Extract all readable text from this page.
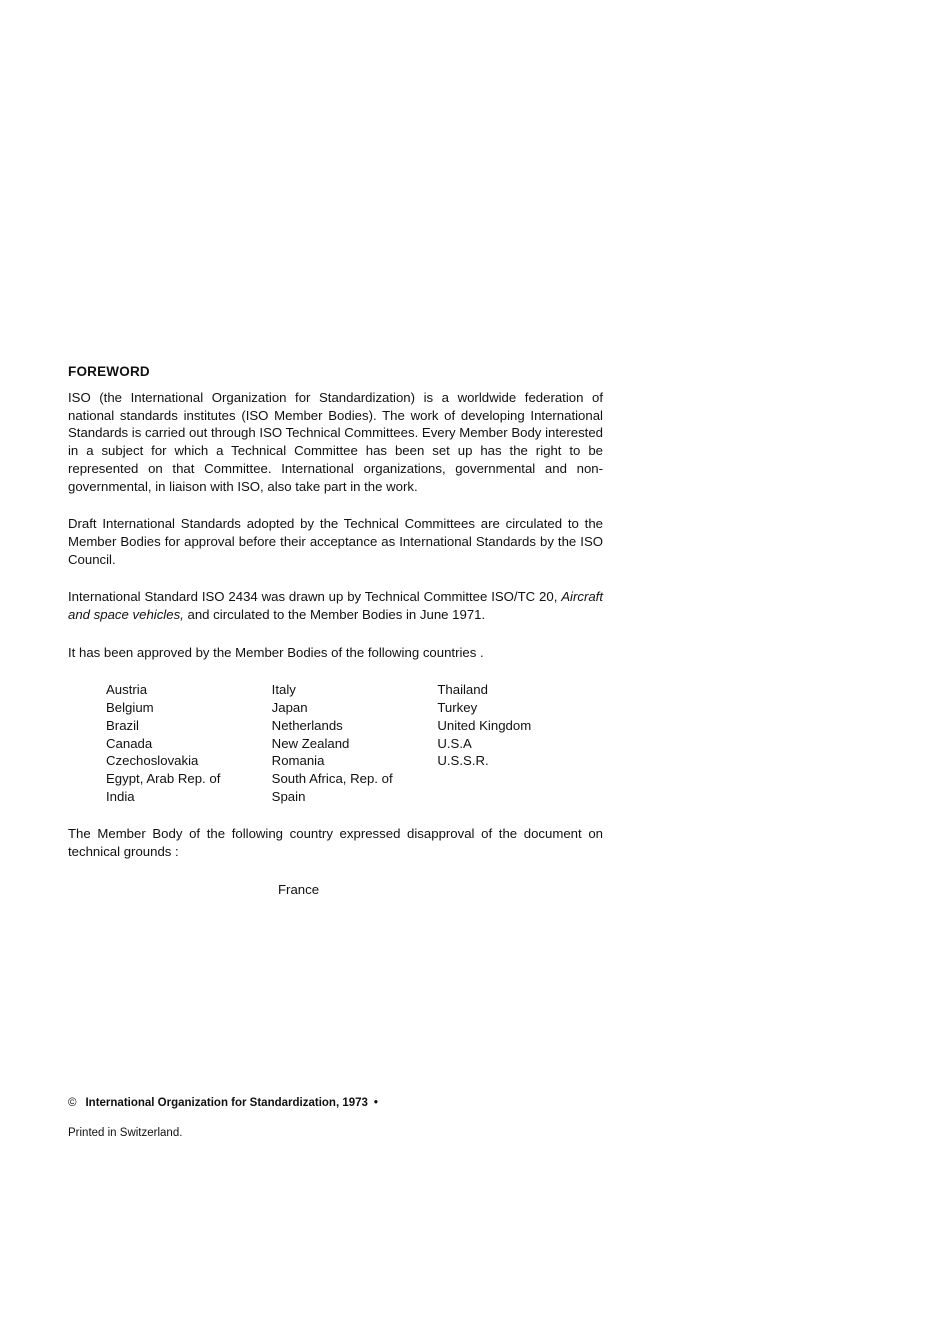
FOREWORD

ISO (the International Organization for Standardization) is a worldwide federation of national standards institutes (ISO Member Bodies). The work of developing International Standards is carried out through ISO Technical Committees. Every Member Body interested in a subject for which a Technical Committee has been set up has the right to be represented on that Committee. International organizations, governmental and non-governmental, in liaison with ISO, also take part in the work.

Draft International Standards adopted by the Technical Committees are circulated to the Member Bodies for approval before their acceptance as International Standards by the ISO Council.

International Standard ISO 2434 was drawn up by Technical Committee ISO/TC 20, Aircraft and space vehicles, and circulated to the Member Bodies in June 1971.

It has been approved by the Member Bodies of the following countries .

Austria
Belgium
Brazil
Canada
Czechoslovakia
Egypt, Arab Rep. of
India
Italy
Japan
Netherlands
New Zealand
Romania
South Africa, Rep. of
Spain
Thailand
Turkey
United Kingdom
U.S.A
U.S.S.R.

The Member Body of the following country expressed disapproval of the document on technical grounds :

France
© International Organization for Standardization, 1973 •
Printed in Switzerland.
